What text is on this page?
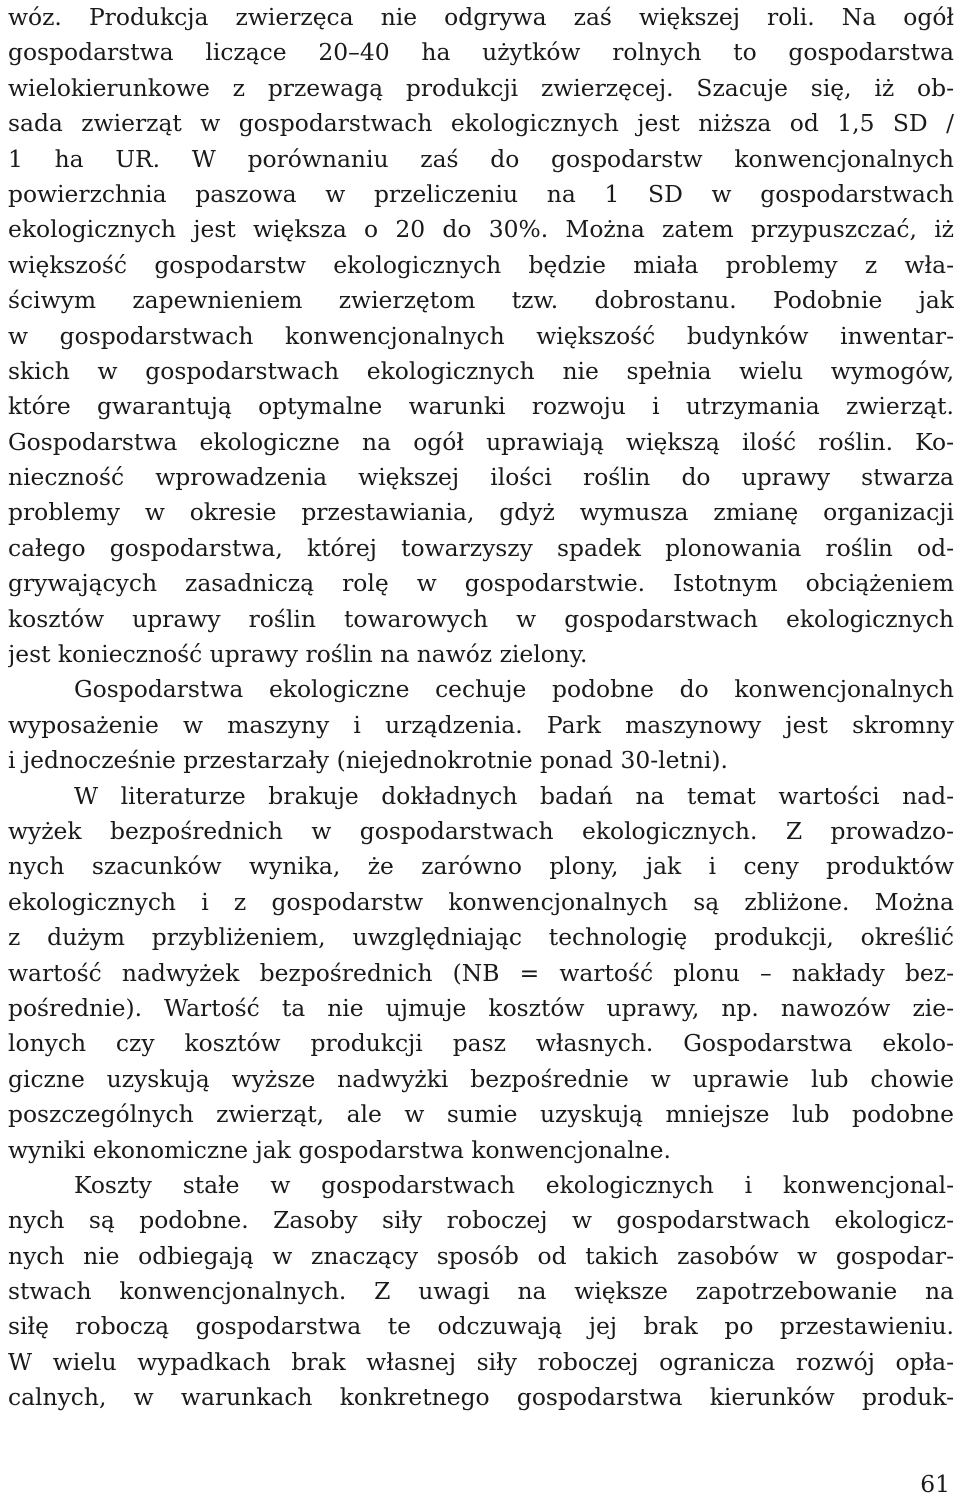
wóz. Produkcja zwierzęca nie odgrywa zaś większej roli. Na ogół
gospodarstwa liczące 20–40 ha użytków rolnych to gospodarstwa
wielokierunkowe z przewagą produkcji zwierzęcej. Szacuje się, iż ob-
sada zwierząt w gospodarstwach ekologicznych jest niższa od 1,5 SD /
1 ha UR. W porównaniu zaś do gospodarstw konwencjonalnych
powierzchnia paszowa w przeliczeniu na 1 SD w gospodarstwach
ekologicznych jest większa o 20 do 30%. Można zatem przypuszczać, iż
większość gospodarstw ekologicznych będzie miała problemy z wła-
ściwym zapewnieniem zwierzętom tzw. dobrostanu. Podobnie jak
w gospodarstwach konwencjonalnych większość budynków inwentar-
skich w gospodarstwach ekologicznych nie spełnia wielu wymogów,
które gwarantują optymalne warunki rozwoju i utrzymania zwierząt.
Gospodarstwa ekologiczne na ogół uprawiają większą ilość roślin. Ko-
nieczność wprowadzenia większej ilości roślin do uprawy stwarza
problemy w okresie przestawiania, gdyż wymusza zmianę organizacji
całego gospodarstwa, której towarzyszy spadek plonowania roślin od-
grywających zasadniczą rolę w gospodarstwie. Istotnym obciążeniem
kosztów uprawy roślin towarowych w gospodarstwach ekologicznych
jest konieczność uprawy roślin na nawóz zielony.
Gospodarstwa ekologiczne cechuje podobne do konwencjonalnych
wyposażenie w maszyny i urządzenia. Park maszynowy jest skromny
i jednocześnie przestarzały (niejednokrotnie ponad 30-letni).
W literaturze brakuje dokładnych badań na temat wartości nad-
wyżek bezpośrednich w gospodarstwach ekologicznych. Z prowadzo-
nych szacunków wynika, że zarówno plony, jak i ceny produktów
ekologicznych i z gospodarstw konwencjonalnych są zbliżone. Można
z dużym przybliżeniem, uwzględniając technologię produkcji, określić
wartość nadwyżek bezpośrednich (NB = wartość plonu – nakłady bez-
pośrednie). Wartość ta nie ujmuje kosztów uprawy, np. nawozów zie-
lonych czy kosztów produkcji pasz własnych. Gospodarstwa ekolo-
giczne uzyskują wyższe nadwyżki bezpośrednie w uprawie lub chowie
poszczególnych zwierząt, ale w sumie uzyskują mniejsze lub podobne
wyniki ekonomiczne jak gospodarstwa konwencjonalne.
Koszty stałe w gospodarstwach ekologicznych i konwencjonal-
nych są podobne. Zasoby siły roboczej w gospodarstwach ekologicz-
nych nie odbiegają w znaczący sposób od takich zasobów w gospodar-
stwach konwencjonalnych. Z uwagi na większe zapotrzebowanie na
siłę roboczą gospodarstwa te odczuwają jej brak po przestawieniu.
W wielu wypadkach brak własnej siły roboczej ogranicza rozwój opła-
calnych, w warunkach konkretnego gospodarstwa kierunków produk-
61
